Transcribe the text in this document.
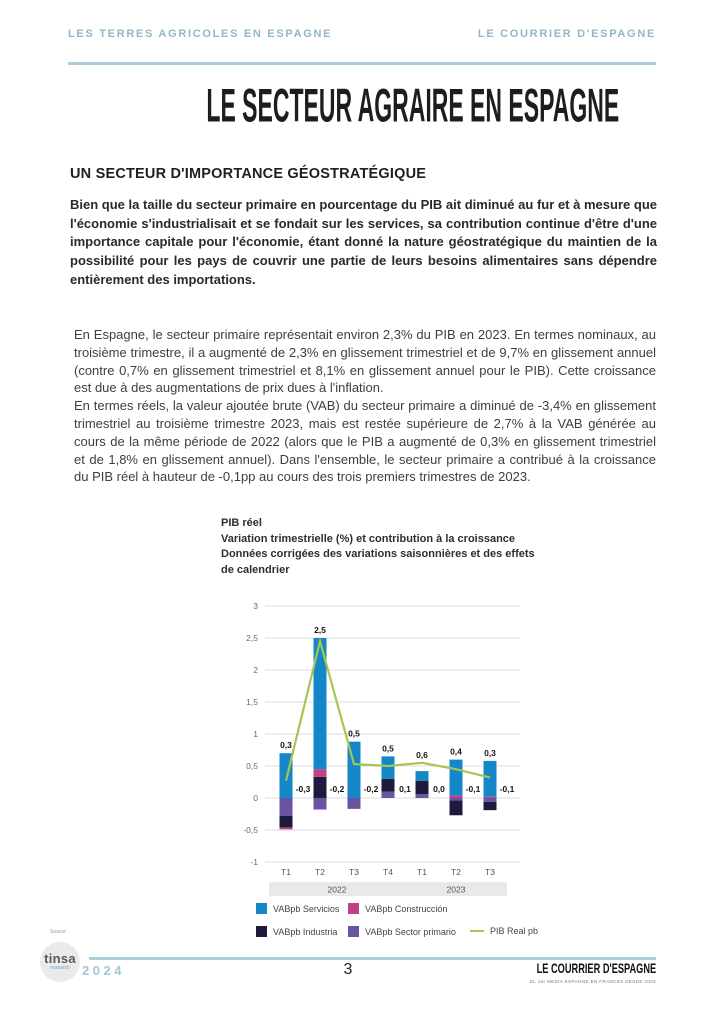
LES TERRES AGRICOLES EN ESPAGNE	LE COURRIER D'ESPAGNE
LE SECTEUR AGRAIRE EN ESPAGNE
UN SECTEUR D'IMPORTANCE GÉOSTRATÉGIQUE
Bien que la taille du secteur primaire en pourcentage du PIB ait diminué au fur et à mesure que l'économie s'industrialisait et se fondait sur les services, sa contribution continue d'être d'une importance capitale pour l'économie, étant donné la nature géostratégique du maintien de la possibilité pour les pays de couvrir une partie de leurs besoins alimentaires sans dépendre entièrement des importations.

En Espagne, le secteur primaire représentait environ 2,3% du PIB en 2023. En termes nominaux, au troisième trimestre, il a augmenté de 2,3% en glissement trimestriel et de 9,7% en glissement annuel (contre 0,7% en glissement trimestriel et 8,1% en glissement annuel pour le PIB). Cette croissance est due à des augmentations de prix dues à l'inflation.

En termes réels, la valeur ajoutée brute (VAB) du secteur primaire a diminué de -3,4% en glissement trimestriel au troisième trimestre 2023, mais est restée supérieure de 2,7% à la VAB générée au cours de la même période de 2022 (alors que le PIB a augmenté de 0,3% en glissement trimestriel et de 1,8% en glissement annuel). Dans l'ensemble, le secteur primaire a contribué à la croissance du PIB réel à hauteur de -0,1pp au cours des trois premiers trimestres de 2023.

PIB réel
Variation trimestrielle (%) et contribution à la croissance
Données corrigées des variations saisonnières et des effets
de calendrier
3
2,5
2
1,5
1
0,5
0
-0,5
-1
0,3
2,5
0,5
0,5
0,6	0,4	0,3
-0,3 -0,2 -0,2 0,1	0,0 -0,1 -0,1
T1	T2	T3	T4	T1	T2	T3
2022	2023
VABpb Servicios	VABpb Construcción
VABpb Industria	VABpb Sector primario	PIB Real pb
Source
tinsa
research 2024	3	LE COURRIER D'ESPAGNE
EL 1er MEDIA ESPAGNE EN FRANCES DESDE 2004
